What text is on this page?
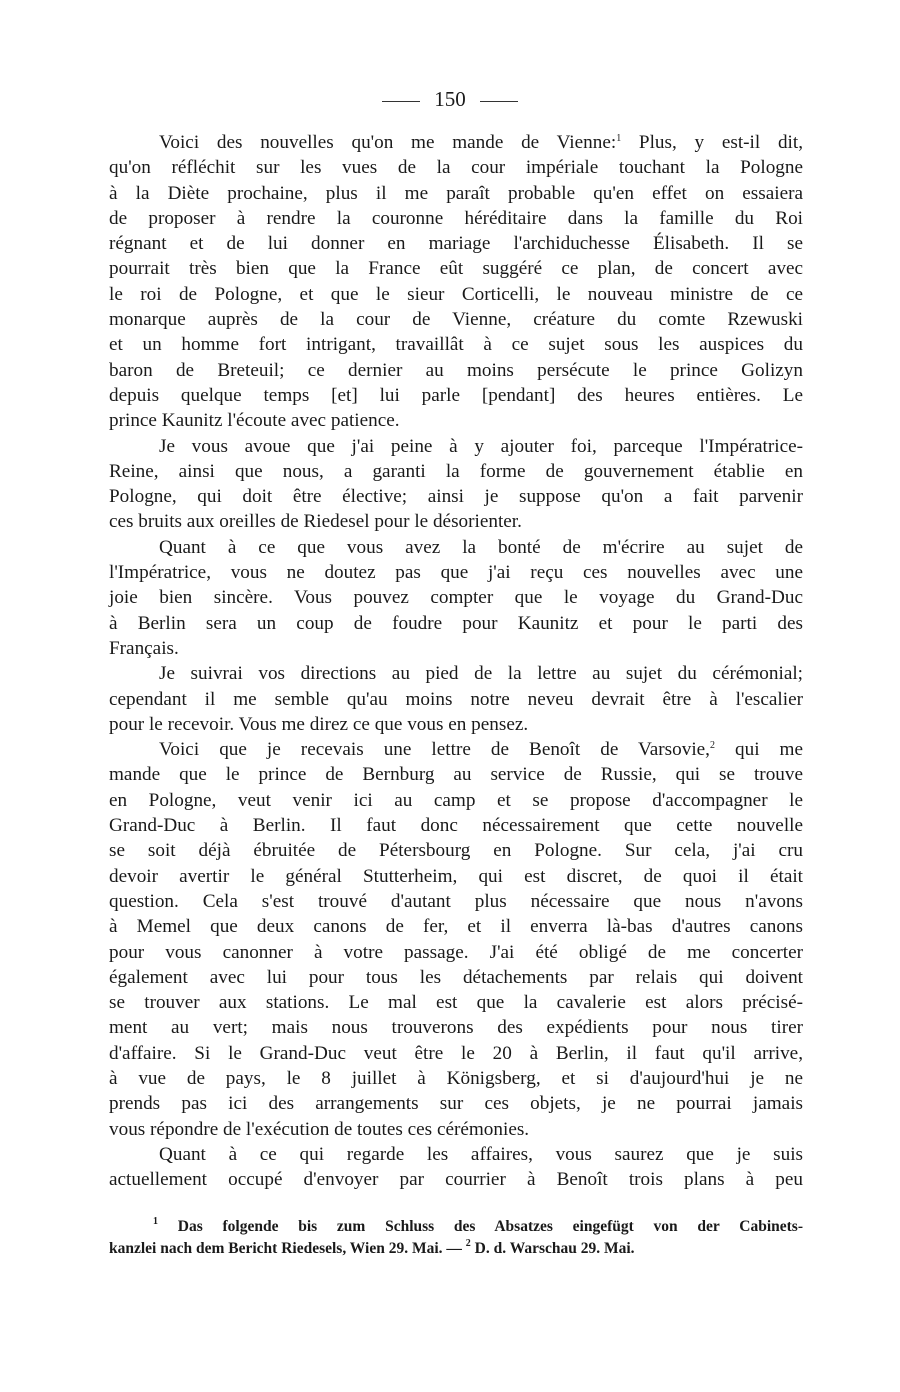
150
Voici des nouvelles qu'on me mande de Vienne:$^1$ Plus, y est-il dit,
qu'on réfléchit sur les vues de la cour impériale touchant la Pologne
à la Diète prochaine, plus il me paraît probable qu'en effet on essaiera
de proposer à rendre la couronne héréditaire dans la famille du Roi
régnant et de lui donner en mariage l'archiduchesse Élisabeth. Il se
pourrait très bien que la France eût suggéré ce plan, de concert avec
le roi de Pologne, et que le sieur Corticelli, le nouveau ministre de ce
monarque auprès de la cour de Vienne, créature du comte Rzewuski
et un homme fort intrigant, travaillât à ce sujet sous les auspices du
baron de Breteuil; ce dernier au moins persécute le prince Golizyn
depuis quelque temps [et] lui parle [pendant] des heures entières. Le
prince Kaunitz l'écoute avec patience.
Je vous avoue que j'ai peine à y ajouter foi, parceque l'Impératrice-
Reine, ainsi que nous, a garanti la forme de gouvernement établie en
Pologne, qui doit être élective; ainsi je suppose qu'on a fait parvenir
ces bruits aux oreilles de Riedesel pour le désorienter.
Quant à ce que vous avez la bonté de m'écrire au sujet de
l'Impératrice, vous ne doutez pas que j'ai reçu ces nouvelles avec une
joie bien sincère. Vous pouvez compter que le voyage du Grand-Duc
à Berlin sera un coup de foudre pour Kaunitz et pour le parti des
Français.
Je suivrai vos directions au pied de la lettre au sujet du cérémonial;
cependant il me semble qu'au moins notre neveu devrait être à l'escalier
pour le recevoir. Vous me direz ce que vous en pensez.
Voici que je recevais une lettre de Benoît de Varsovie,$^2$ qui me
mande que le prince de Bernburg au service de Russie, qui se trouve
en Pologne, veut venir ici au camp et se propose d'accompagner le
Grand-Duc à Berlin. Il faut donc nécessairement que cette nouvelle
se soit déjà ébruitée de Pétersbourg en Pologne. Sur cela, j'ai cru
devoir avertir le général Stutterheim, qui est discret, de quoi il était
question. Cela s'est trouvé d'autant plus nécessaire que nous n'avons
à Memel que deux canons de fer, et il enverra là-bas d'autres canons
pour vous canonner à votre passage. J'ai été obligé de me concerter
également avec lui pour tous les détachements par relais qui doivent
se trouver aux stations. Le mal est que la cavalerie est alors précisé-
ment au vert; mais nous trouverons des expédients pour nous tirer
d'affaire. Si le Grand-Duc veut être le 20 à Berlin, il faut qu'il arrive,
à vue de pays, le 8 juillet à Königsberg, et si d'aujourd'hui je ne
prends pas ici des arrangements sur ces objets, je ne pourrai jamais
vous répondre de l'exécution de toutes ces cérémonies.
Quant à ce qui regarde les affaires, vous saurez que je suis
actuellement occupé d'envoyer par courrier à Benoît trois plans à peu
$^1$ Das folgende bis zum Schluss des Absatzes eingefügt von der Cabinets-
kanzlei nach dem Bericht Riedesels, Wien 29. Mai. — $^2$ D. d. Warschau 29. Mai.
